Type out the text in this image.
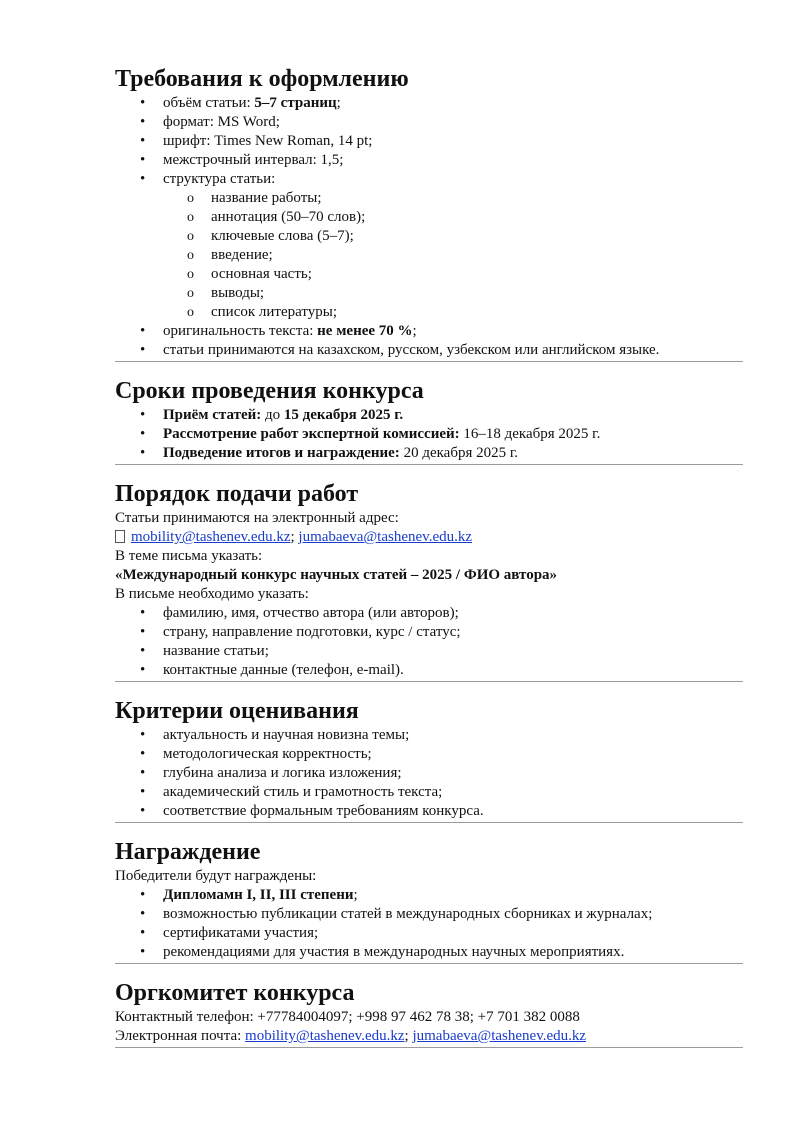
Требования к оформлению
• объём статьи: 5–7 страниц;
• формат: MS Word;
• шрифт: Times New Roman, 14 pt;
• межстрочный интервал: 1,5;
• структура статьи:
o название работы;
o аннотация (50–70 слов);
o ключевые слова (5–7);
o введение;
o основная часть;
o выводы;
o список литературы;
• оригинальность текста: не менее 70 %;
• статьи принимаются на казахском, русском, узбекском или английском языке.
Сроки проведения конкурса
• Приём статей: до 15 декабря 2025 г.
• Рассмотрение работ экспертной комиссией: 16–18 декабря 2025 г.
• Подведение итогов и награждение: 20 декабря 2025 г.
Порядок подачи работ

Статьи принимаются на электронный адрес:

mobility@tashenev.edu.kz; jumabaeva@tashenev.edu.kz

В теме письма указать:

«Международный конкурс научных статей – 2025 / ФИО автора»

В письме необходимо указать:

• фамилию, имя, отчество автора (или авторов);
• страну, направление подготовки, курс / статус;
• название статьи;
• контактные данные (телефон, e-mail).
Критерии оценивания
• актуальность и научная новизна темы;
• методологическая корректность;
• глубина анализа и логика изложения;
• академический стиль и грамотность текста;
• соответствие формальным требованиям конкурса.
Награждение

Победители будут награждены:

• Дипломамн I, II, III степени;
• возможностью публикации статей в международных сборниках и журналах;
• сертификатами участия;
• рекомендациями для участия в международных научных мероприятиях.
Оргкомитет конкурса

Контактный телефон: +77784004097; +998 97 462 78 38; +7 701 382 0088

Электронная почта: mobility@tashenev.edu.kz; jumabaeva@tashenev.edu.kz
